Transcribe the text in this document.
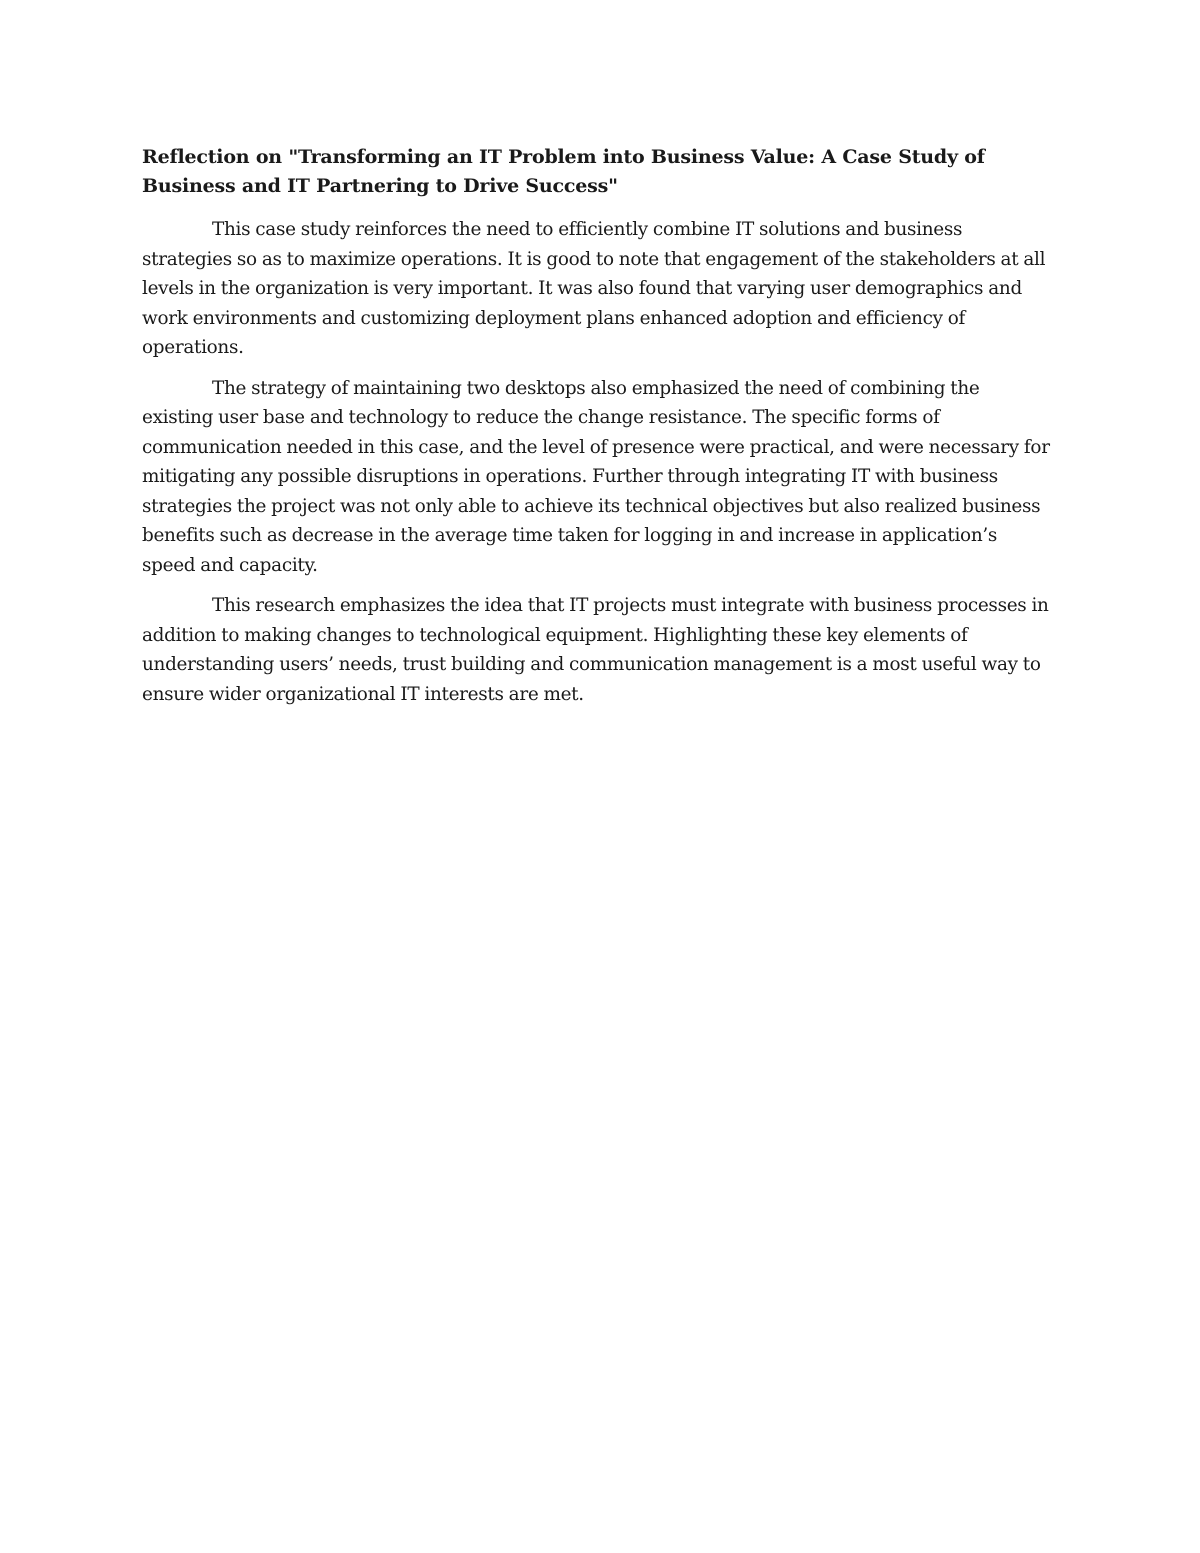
Reflection on "Transforming an IT Problem into Business Value: A Case Study of Business and IT Partnering to Drive Success"

This case study reinforces the need to efficiently combine IT solutions and business strategies so as to maximize operations. It is good to note that engagement of the stakeholders at all levels in the organization is very important. It was also found that varying user demographics and work environments and customizing deployment plans enhanced adoption and efficiency of operations.

The strategy of maintaining two desktops also emphasized the need of combining the existing user base and technology to reduce the change resistance. The specific forms of communication needed in this case, and the level of presence were practical, and were necessary for mitigating any possible disruptions in operations. Further through integrating IT with business strategies the project was not only able to achieve its technical objectives but also realized business benefits such as decrease in the average time taken for logging in and increase in application’s speed and capacity.

This research emphasizes the idea that IT projects must integrate with business processes in addition to making changes to technological equipment. Highlighting these key elements of understanding users’ needs, trust building and communication management is a most useful way to ensure wider organizational IT interests are met.
